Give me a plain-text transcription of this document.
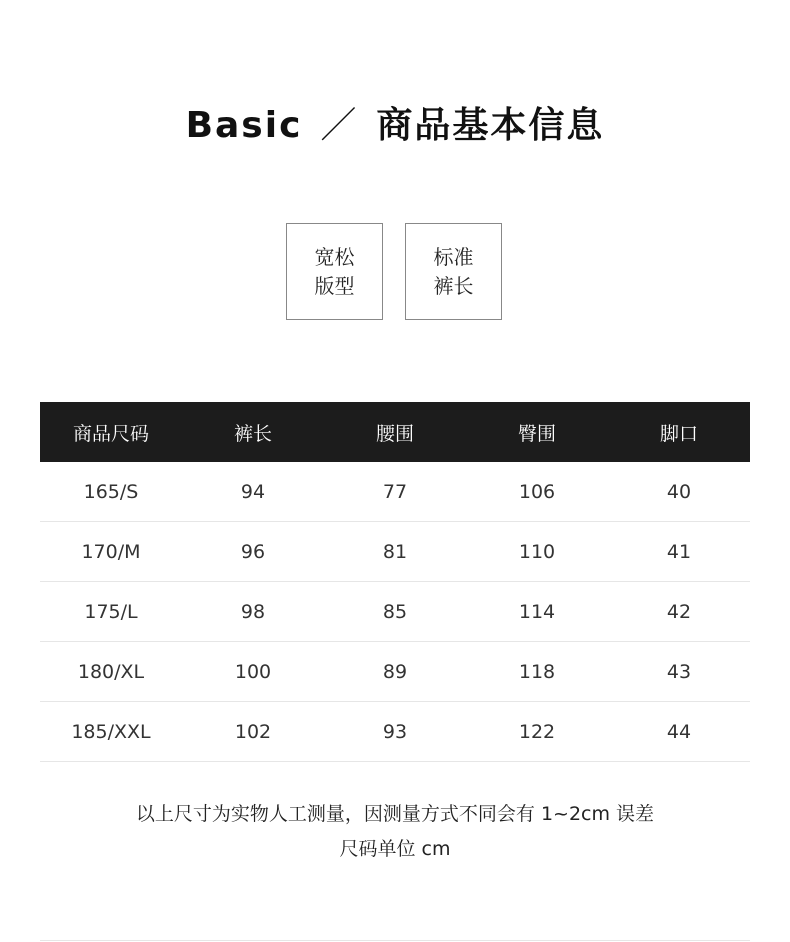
Basic ／ 商品基本信息
宽松
版型
标准
裤长
商品尺码	裤长	腰围	臀围	脚口
165/S	94	77	106	40
170/M	96	81	110	41
175/L	98	85	114	42
180/XL	100	89	118	43
185/XXL	102	93	122	44
以上尺寸为实物人工测量，因测量方式不同会有 1~2cm 误差
尺码单位 cm
